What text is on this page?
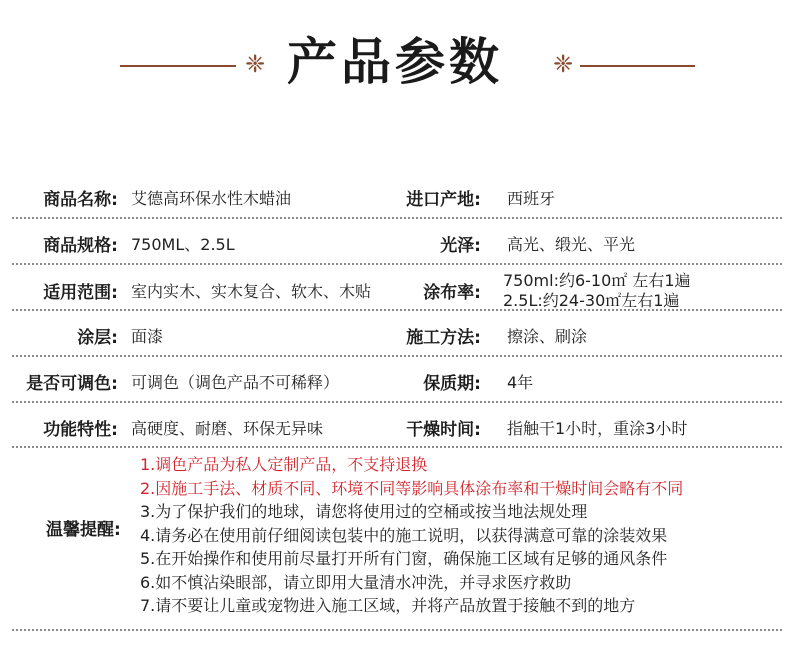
❈ 产品参数	❈
商品名称: 艾德高环保水性木蜡油	进口产地: 西班牙
商品规格: 750ML、2.5L	光泽: 高光、缎光、平光
适用范围: 室内实木、实木复合、软木、木贴	涂布率:
750ml:约6-10㎡ 左右1遍
2.5L:约24-30㎡左右1遍
涂层: 面漆	施工方法: 擦涂、刷涂
是否可调色: 可调色（调色产品不可稀释）	保质期: 4年
功能特性: 高硬度、耐磨、环保无异味	干燥时间: 指触干1小时，重涂3小时
温馨提醒:
1.调色产品为私人定制产品，不支持退换
2.因施工手法、材质不同、环境不同等影响具体涂布率和干燥时间会略有不同
3.为了保护我们的地球，请您将使用过的空桶或按当地法规处理
4.请务必在使用前仔细阅读包装中的施工说明，以获得满意可靠的涂装效果
5.在开始操作和使用前尽量打开所有门窗，确保施工区域有足够的通风条件
6.如不慎沾染眼部，请立即用大量清水冲洗，并寻求医疗救助
7.请不要让儿童或宠物进入施工区域，并将产品放置于接触不到的地方
